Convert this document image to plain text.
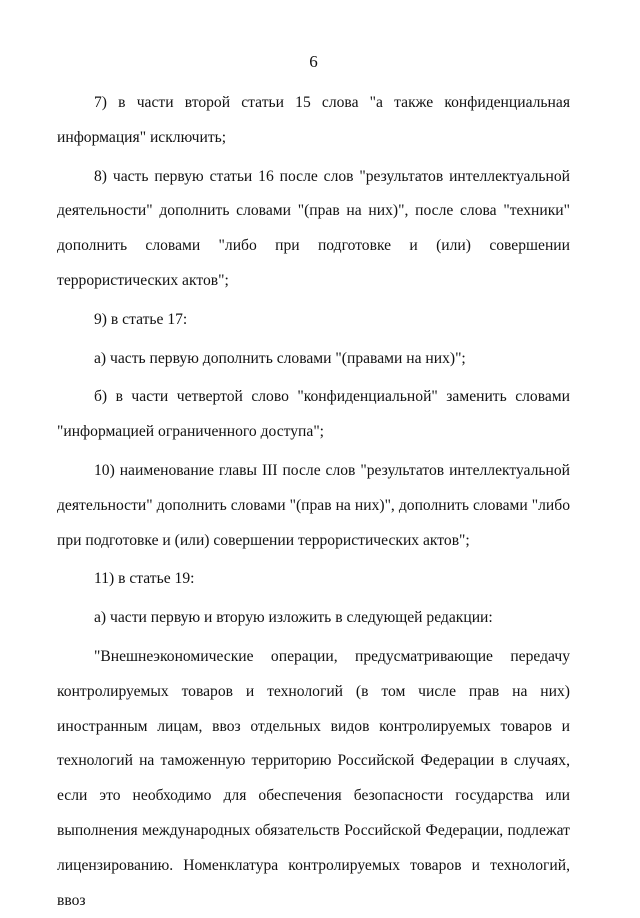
6

7) в части второй статьи 15 слова "а также конфиденциальная информация" исключить;

8) часть первую статьи 16 после слов "результатов интеллектуальной деятельности" дополнить словами "(прав на них)", после слова "техники" дополнить словами "либо при подготовке и (или) совершении террористических актов";

9) в статье 17:

а) часть первую дополнить словами "(правами на них)";

б) в части четвертой слово "конфиденциальной" заменить словами "информацией ограниченного доступа";

10) наименование главы III после слов "результатов интеллектуальной деятельности" дополнить словами "(прав на них)", дополнить словами "либо при подготовке и (или) совершении террористических актов";

11) в статье 19:

а) части первую и вторую изложить в следующей редакции:

"Внешнеэкономические операции, предусматривающие передачу контролируемых товаров и технологий (в том числе прав на них) иностранным лицам, ввоз отдельных видов контролируемых товаров и технологий на таможенную территорию Российской Федерации в случаях, если это необходимо для обеспечения безопасности государства или выполнения международных обязательств Российской Федерации, подлежат лицензированию. Номенклатура контролируемых товаров и технологий, ввоз
